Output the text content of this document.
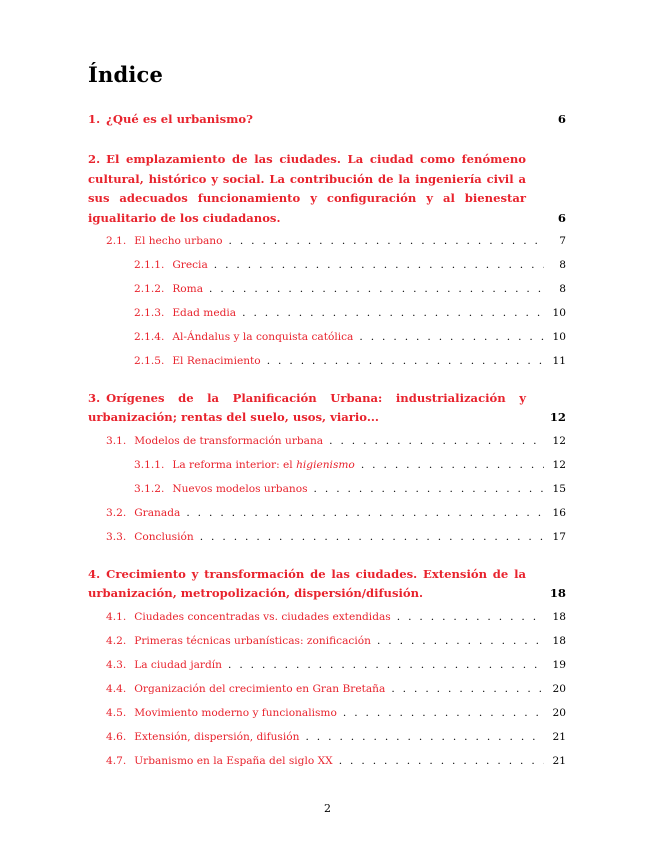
Índice
1. ¿Qué es el urbanismo?	6
2. El emplazamiento de las ciudades. La ciudad como fenómeno cultural, histórico y social. La contribución de la ingeniería civil a sus adecuados funcionamiento y configuración y al bienestar igualitario de los ciudadanos.	6
2.1. El hecho urbano . . .	7
2.1.1. Grecia . . .	8
2.1.2. Roma . . .	8
2.1.3. Edad media . . .	10
2.1.4. Al-Ándalus y la conquista católica . . .	10
2.1.5. El Renacimiento . . .	11
3. Orígenes de la Planificación Urbana: industrialización y urbanización; rentas del suelo, usos, viario...	12
3.1. Modelos de transformación urbana . . .	12
3.1.1. La reforma interior: el higienismo . . .	12
3.1.2. Nuevos modelos urbanos . . .	15
3.2. Granada . . .	16
3.3. Conclusión . . .	17
4. Crecimiento y transformación de las ciudades. Extensión de la urbanización, metropolización, dispersión/difusión.	18
4.1. Ciudades concentradas vs. ciudades extendidas . . .	18
4.2. Primeras técnicas urbanísticas: zonificación . . .	18
4.3. La ciudad jardín . . .	19
4.4. Organización del crecimiento en Gran Bretaña . . .	20
4.5. Movimiento moderno y funcionalismo . . .	20
4.6. Extensión, dispersión, difusión . . .	21
4.7. Urbanismo en la España del siglo XX . . .	21
2
